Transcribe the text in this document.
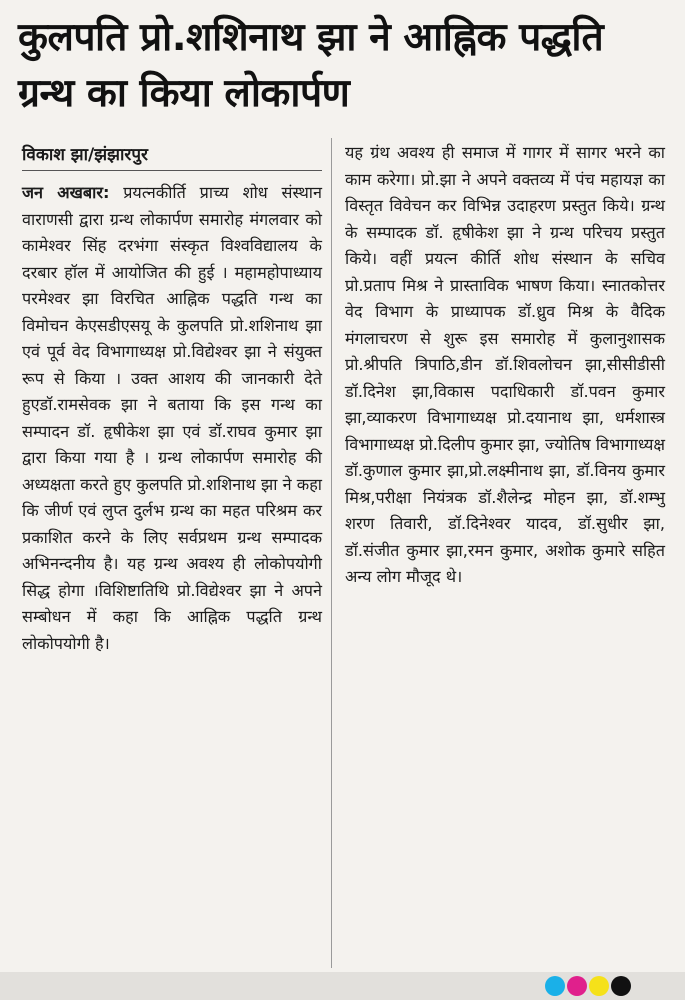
कुलपति प्रो.शशिनाथ झा ने आह्निक पद्धति ग्रन्थ का किया लोकार्पण
विकाश झा/झंझारपुर

जन अखबार: प्रयत्नकीर्ति प्राच्य शोध संस्थान वाराणसी द्वारा ग्रन्थ लोकार्पण समारोह मंगलवार को कामेश्वर सिंह दरभंगा संस्कृत विश्वविद्यालय के दरबार हॉल में आयोजित की हुई । महामहोपाध्याय परमेश्वर झा विरचित आह्निक पद्धति गन्थ का विमोचन केएसडीएसयू के कुलपति प्रो.शशिनाथ झा एवं पूर्व वेद विभागाध्यक्ष प्रो.विद्येश्वर झा ने संयुक्त रूप से किया । उक्त आशय की जानकारी देते हुएडॉ.रामसेवक झा ने बताया कि इस गन्थ का सम्पादन डॉ. हृषीकेश झा एवं डॉ.राघव कुमार झा द्वारा किया गया है । ग्रन्थ लोकार्पण समारोह की अध्यक्षता करते हुए कुलपति प्रो.शशिनाथ झा ने कहा कि जीर्ण एवं लुप्त दुर्लभ ग्रन्थ का महत परिश्रम कर प्रकाशित करने के लिए सर्वप्रथम ग्रन्थ सम्पादक अभिनन्दनीय है। यह ग्रन्थ अवश्य ही लोकोपयोगी सिद्ध होगा ।विशिष्टातिथि प्रो.विद्येश्वर झा ने अपने सम्बोधन में कहा कि आह्निक पद्धति ग्रन्थ लोकोपयोगी है।

यह ग्रंथ अवश्य ही समाज में गागर में सागर भरने का काम करेगा। प्रो.झा ने अपने वक्तव्य में पंच महायज्ञ का विस्तृत विवेचन कर विभिन्न उदाहरण प्रस्तुत किये। ग्रन्थ के सम्पादक डॉ. हृषीकेश झा ने ग्रन्थ परिचय प्रस्तुत किये। वहीं प्रयत्न कीर्ति शोध संस्थान के सचिव प्रो.प्रताप मिश्र ने प्रास्ताविक भाषण किया। स्नातकोत्तर वेद विभाग के प्राध्यापक डॉ.ध्रुव मिश्र के वैदिक मंगलाचरण से शुरू इस समारोह में कुलानुशासक प्रो.श्रीपति त्रिपाठि,डीन डॉ.शिवलोचन झा,सीसीडीसी डॉ.दिनेश झा,विकास पदाधिकारी डॉ.पवन कुमार झा,व्याकरण विभागाध्यक्ष प्रो.दयानाथ झा, धर्मशास्त्र विभागाध्यक्ष प्रो.दिलीप कुमार झा, ज्योतिष विभागाध्यक्ष डॉ.कुणाल कुमार झा,प्रो.लक्ष्मीनाथ झा, डॉ.विनय कुमार मिश्र,परीक्षा नियंत्रक डॉ.शैलेन्द्र मोहन झा, डॉ.शम्भु शरण तिवारी, डॉ.दिनेश्वर यादव, डॉ.सुधीर झा, डॉ.संजीत कुमार झा,रमन कुमार, अशोक कुमारे सहित अन्य लोग मौजूद थे।
